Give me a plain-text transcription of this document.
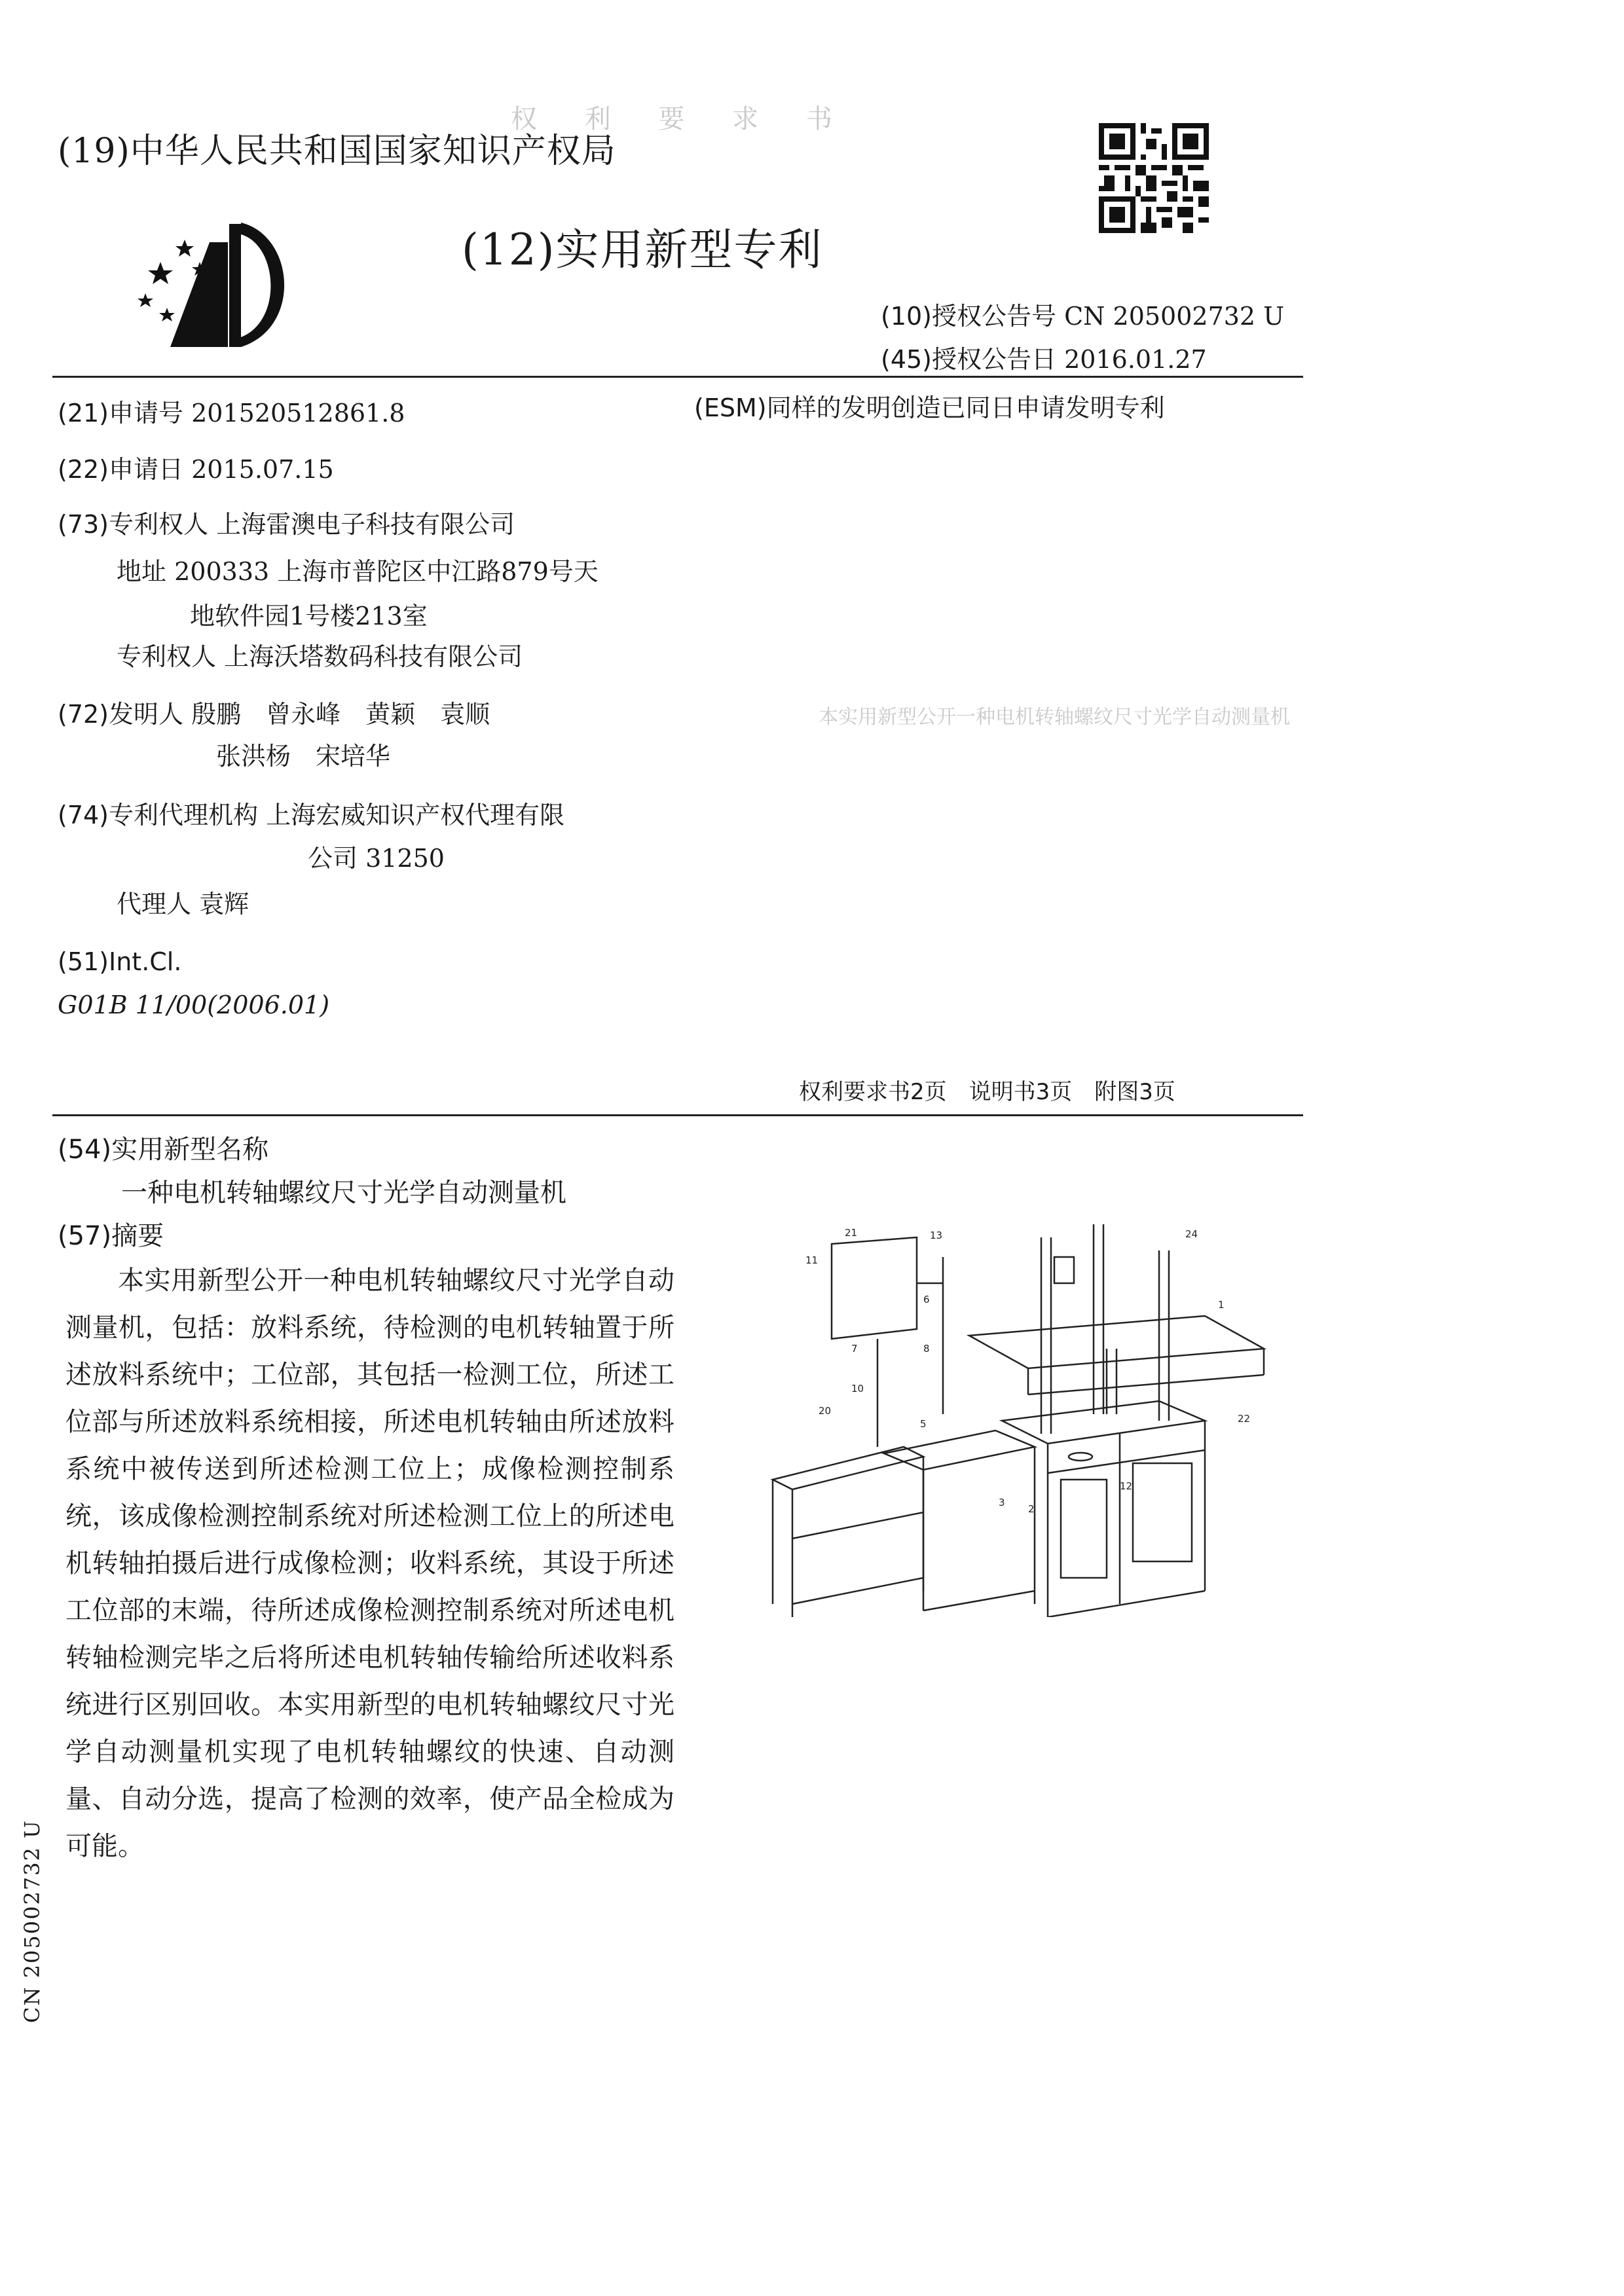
权 利 要 求 书
本实用新型公开一种电机转轴螺纹尺寸光学自动测量机
(19)中华人民共和国国家知识产权局
(12)实用新型专利
(10)授权公告号 CN 205002732 U
(45)授权公告日 2016.01.27
(ESM)同样的发明创造已同日申请发明专利
(21)申请号 201520512861.8
(22)申请日 2015.07.15
(73)专利权人 上海雷澳电子科技有限公司
地址 200333 上海市普陀区中江路879号天
地软件园1号楼213室
专利权人 上海沃塔数码科技有限公司
(72)发明人 殷鹏　曾永峰　黄颖　袁顺
张洪杨　宋培华
(74)专利代理机构 上海宏威知识产权代理有限
公司 31250
代理人 袁辉
(51)Int.Cl.
G01B 11/00(2006.01)
权利要求书2页　说明书3页　附图3页
(54)实用新型名称
一种电机转轴螺纹尺寸光学自动测量机
(57)摘要
本实用新型公开一种电机转轴螺纹尺寸光学自动测量机，包括：放料系统，待检测的电机转轴置于所述放料系统中；工位部，其包括一检测工位，所述工位部与所述放料系统相接，所述电机转轴由所述放料系统中被传送到所述检测工位上；成像检测控制系统，该成像检测控制系统对所述检测工位上的所述电机转轴拍摄后进行成像检测；收料系统，其设于所述工位部的末端，待所述成像检测控制系统对所述电机转轴检测完毕之后将所述电机转轴传输给所述收料系统进行区别回收。本实用新型的电机转轴螺纹尺寸光学自动测量机实现了电机转轴螺纹的快速、自动测量、自动分选，提高了检测的效率，使产品全检成为可能。
21	13	24
11
6	1
7	8
20
10
5	22
3
2
12
CN 205002732 U
